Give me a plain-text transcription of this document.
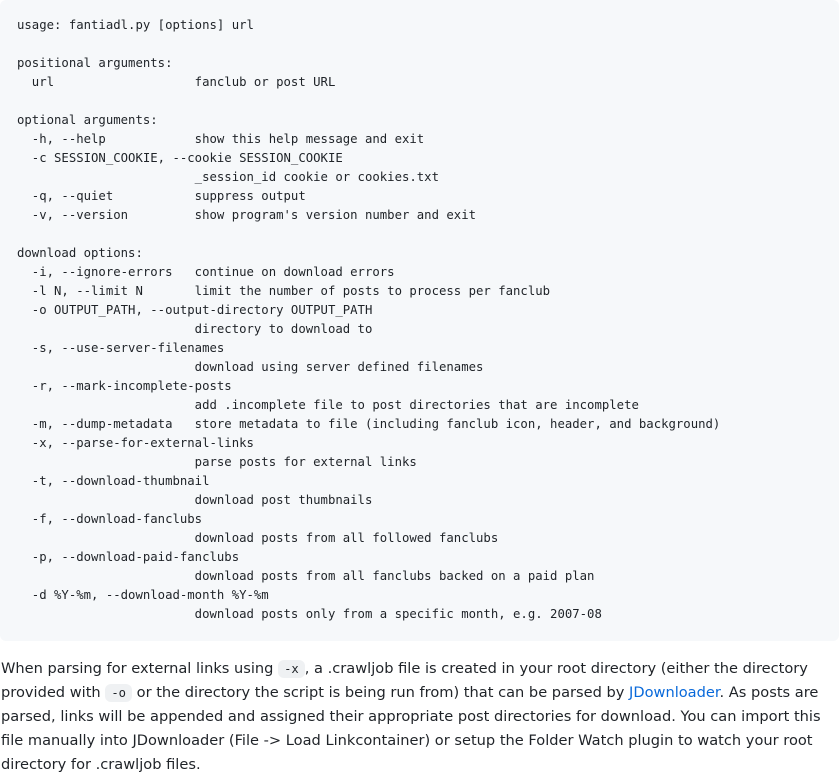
usage: fantiadl.py [options] url
positional arguments:
url                   fanclub or post URL
optional arguments:
-h, --help            show this help message and exit
-c SESSION_COOKIE, --cookie SESSION_COOKIE
_session_id cookie or cookies.txt
-q, --quiet           suppress output
-v, --version         show program's version number and exit
download options:
-i, --ignore-errors   continue on download errors
-l N, --limit N       limit the number of posts to process per fanclub
-o OUTPUT_PATH, --output-directory OUTPUT_PATH
directory to download to
-s, --use-server-filenames
download using server defined filenames
-r, --mark-incomplete-posts
add .incomplete file to post directories that are incomplete
-m, --dump-metadata   store metadata to file (including fanclub icon, header, and background)
-x, --parse-for-external-links
parse posts for external links
-t, --download-thumbnail
download post thumbnails
-f, --download-fanclubs
download posts from all followed fanclubs
-p, --download-paid-fanclubs
download posts from all fanclubs backed on a paid plan
-d %Y-%m, --download-month %Y-%m
download posts only from a specific month, e.g. 2007-08

When parsing for external links using -x , a .crawljob file is created in your root directory (either the directory provided with -o or the directory the script is being run from) that can be parsed by JDownloader. As posts are parsed, links will be appended and assigned their appropriate post directories for download. You can import this file manually into JDownloader (File -> Load Linkcontainer) or setup the Folder Watch plugin to watch your root directory for .crawljob files.
